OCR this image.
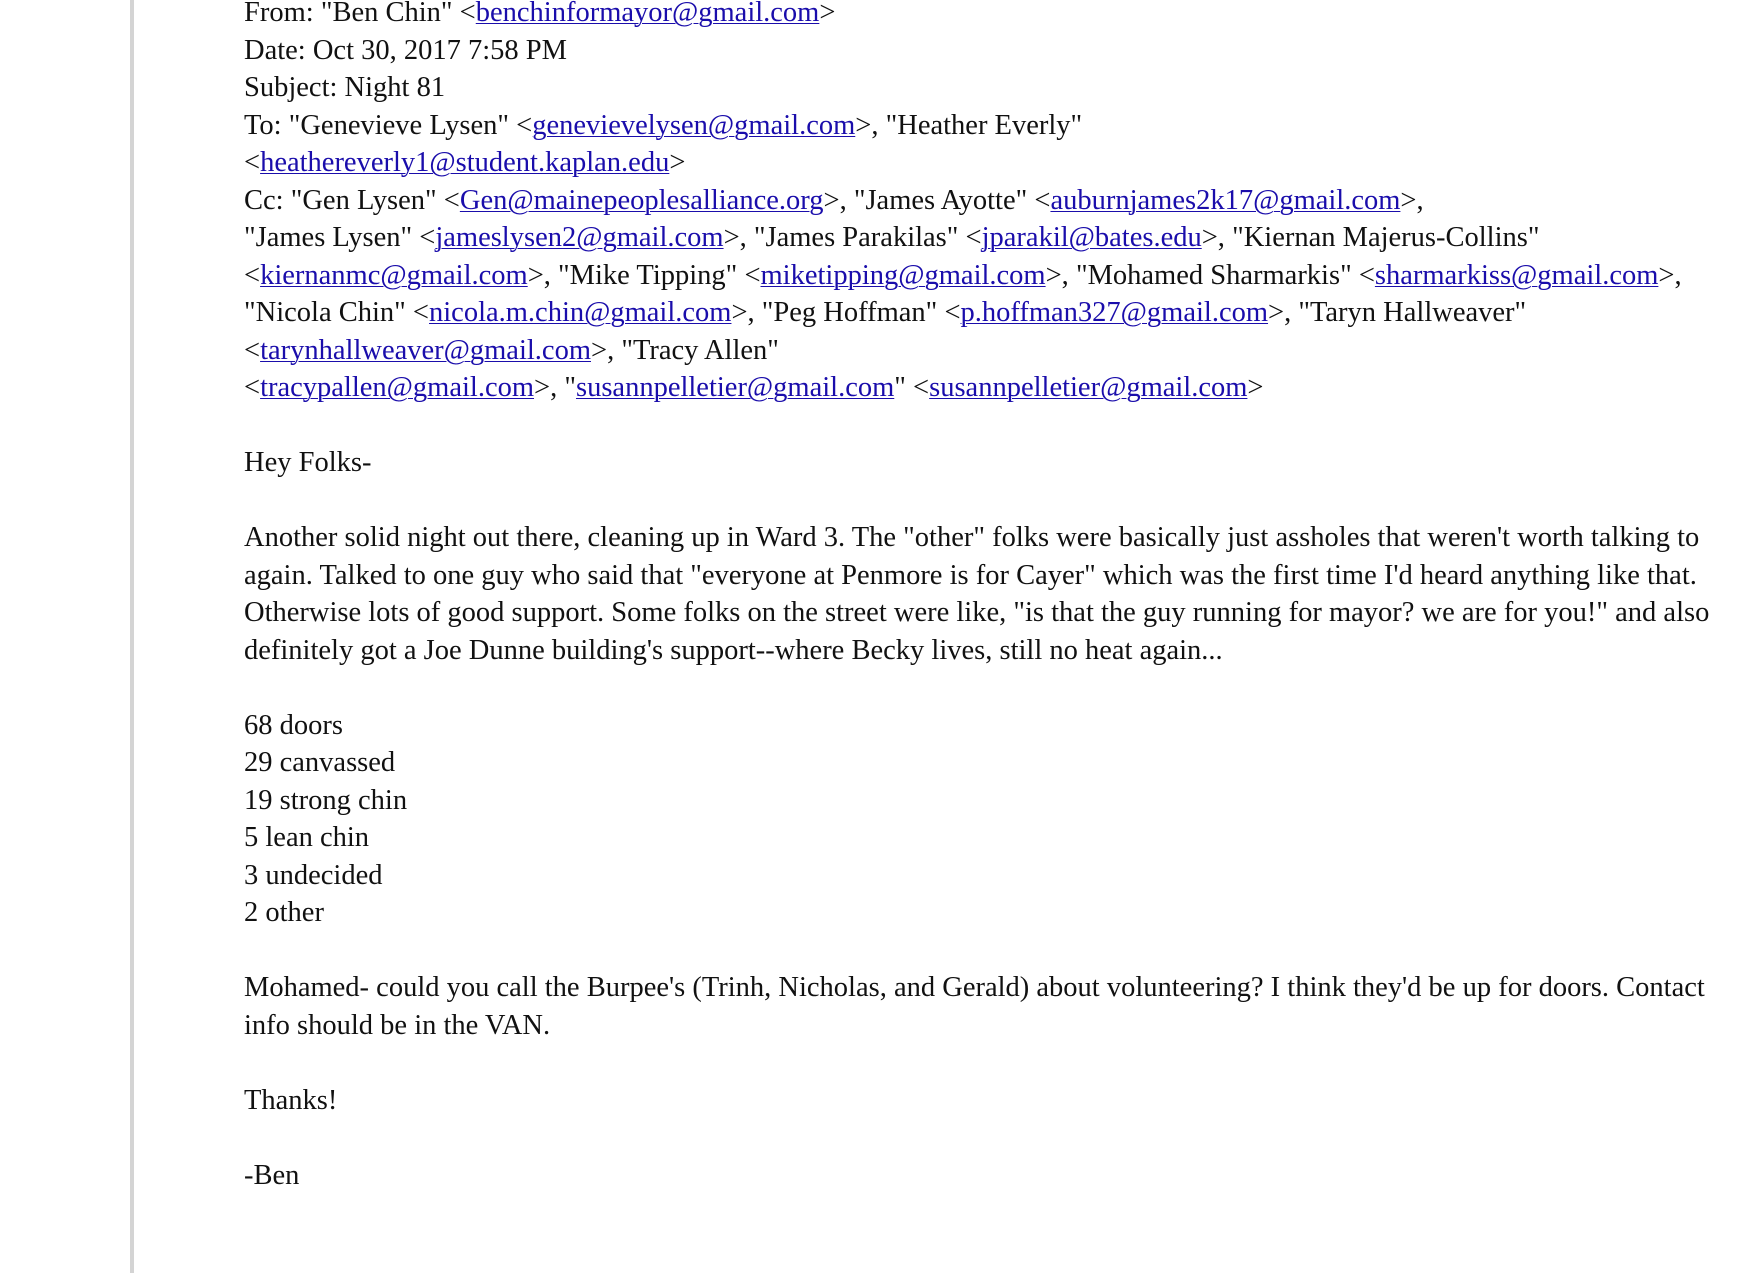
From: "Ben Chin" <benchinformayor@gmail.com>
Date: Oct 30, 2017 7:58 PM
Subject: Night 81
To: "Genevieve Lysen" <genevievelysen@gmail.com>, "Heather Everly"
<heathereverly1@student.kaplan.edu>
Cc: "Gen Lysen" <Gen@mainepeoplesalliance.org>, "James Ayotte" <auburnjames2k17@gmail.com>,
"James Lysen" <jameslysen2@gmail.com>, "James Parakilas" <jparakil@bates.edu>, "Kiernan Majerus-Collins" <kiernanmc@gmail.com>, "Mike Tipping" <miketipping@gmail.com>, "Mohamed Sharmarkis" <sharmarkiss@gmail.com>, "Nicola Chin" <nicola.m.chin@gmail.com>, "Peg Hoffman" <p.hoffman327@gmail.com>, "Taryn Hallweaver" <tarynhallweaver@gmail.com>, "Tracy Allen"
<tracypallen@gmail.com>, "susannpelletier@gmail.com" <susannpelletier@gmail.com>

Hey Folks-

Another solid night out there, cleaning up in Ward 3. The "other" folks were basically just assholes that weren't worth talking to again. Talked to one guy who said that "everyone at Penmore is for Cayer" which was the first time I'd heard anything like that. Otherwise lots of good support. Some folks on the street were like, "is that the guy running for mayor? we are for you!" and also definitely got a Joe Dunne building's support--where Becky lives, still no heat again...

68 doors
29 canvassed
19 strong chin
5 lean chin
3 undecided
2 other

Mohamed- could you call the Burpee's (Trinh, Nicholas, and Gerald) about volunteering? I think they'd be up for doors. Contact info should be in the VAN.

Thanks!

-Ben
